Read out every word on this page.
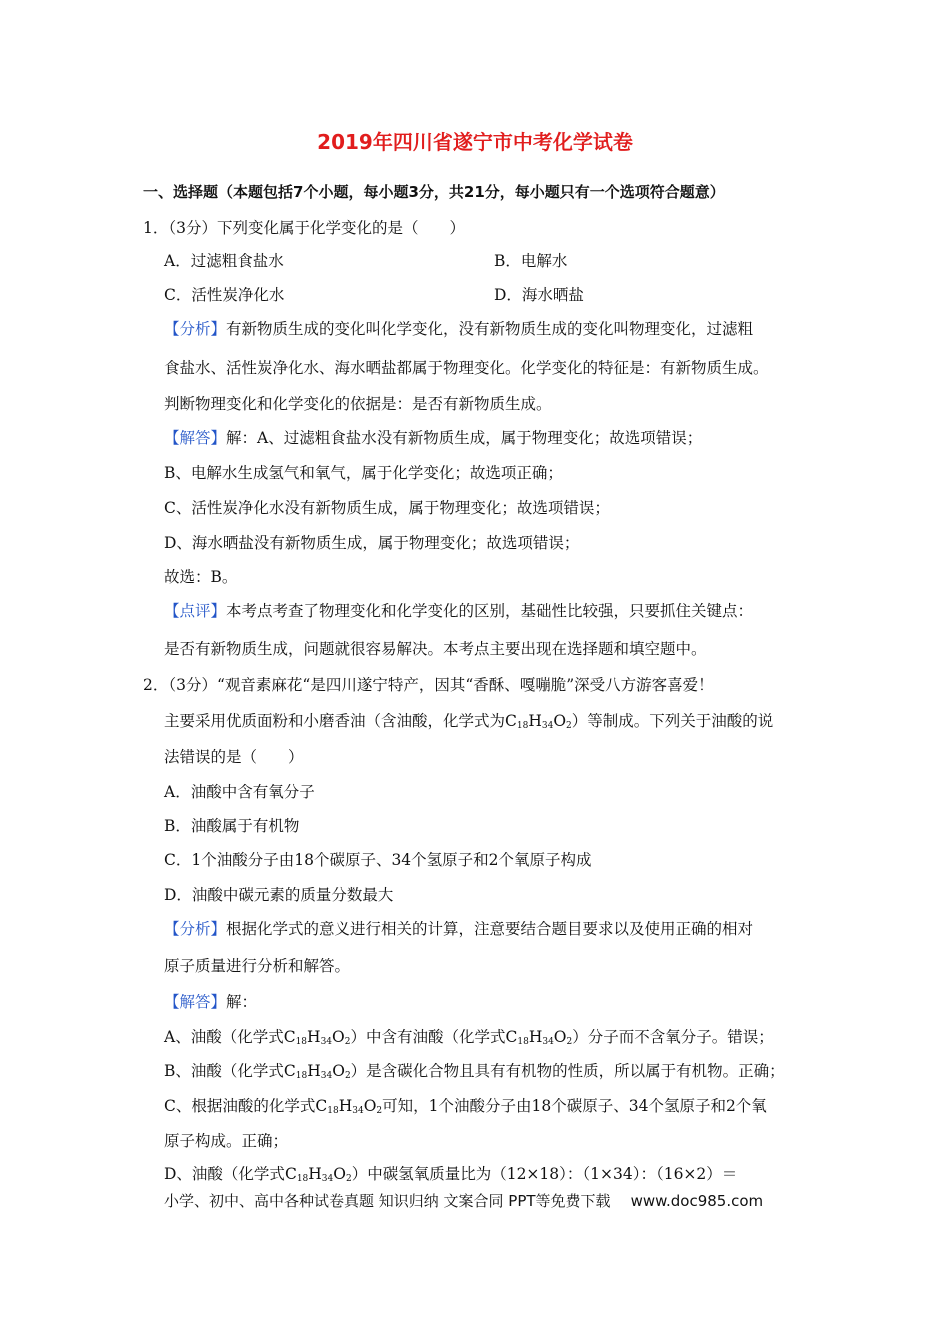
2019年四川省遂宁市中考化学试卷
一、选择题（本题包括7个小题，每小题3分，共21分，每小题只有一个选项符合题意）
1．（3分）下列变化属于化学变化的是（　　）
A．过滤粗食盐水	B．电解水
C．活性炭净化水	D．海水晒盐
【分析】有新物质生成的变化叫化学变化，没有新物质生成的变化叫物理变化，过滤粗
食盐水、活性炭净化水、海水晒盐都属于物理变化。化学变化的特征是：有新物质生成。
判断物理变化和化学变化的依据是：是否有新物质生成。
【解答】解：A、过滤粗食盐水没有新物质生成，属于物理变化；故选项错误；
B、电解水生成氢气和氧气，属于化学变化；故选项正确；
C、活性炭净化水没有新物质生成，属于物理变化；故选项错误；
D、海水晒盐没有新物质生成，属于物理变化；故选项错误；
故选：B。
【点评】本考点考查了物理变化和化学变化的区别，基础性比较强，只要抓住关键点：
是否有新物质生成，问题就很容易解决。本考点主要出现在选择题和填空题中。
2．（3分）“观音素麻花“是四川遂宁特产，因其“香酥、嘎嘣脆”深受八方游客喜爱！
主要采用优质面粉和小磨香油（含油酸，化学式为$C_{18}H_{34}O_2$）等制成。下列关于油酸的说
法错误的是（　　）
A．油酸中含有氧分子
B．油酸属于有机物
C．1个油酸分子由18个碳原子、34个氢原子和2个氧原子构成
D．油酸中碳元素的质量分数最大
【分析】根据化学式的意义进行相关的计算，注意要结合题目要求以及使用正确的相对
原子质量进行分析和解答。
【解答】解：
A、油酸（化学式$C_{18}H_{34}O_2$）中含有油酸（化学式$C_{18}H_{34}O_2$）分子而不含氧分子。错误；
B、油酸（化学式$C_{18}H_{34}O_2$）是含碳化合物且具有有机物的性质，所以属于有机物。正确；
C、根据油酸的化学式$C_{18}H_{34}O_2$可知，1个油酸分子由18个碳原子、34个氢原子和2个氧
原子构成。正确；
D、油酸（化学式$C_{18}H_{34}O_2$）中碳氢氧质量比为（12×18）：（1×34）：（16×2）＝
小学、初中、高中各种试卷真题 知识归纳 文案合同 PPT等免费下载 www.doc985.com
